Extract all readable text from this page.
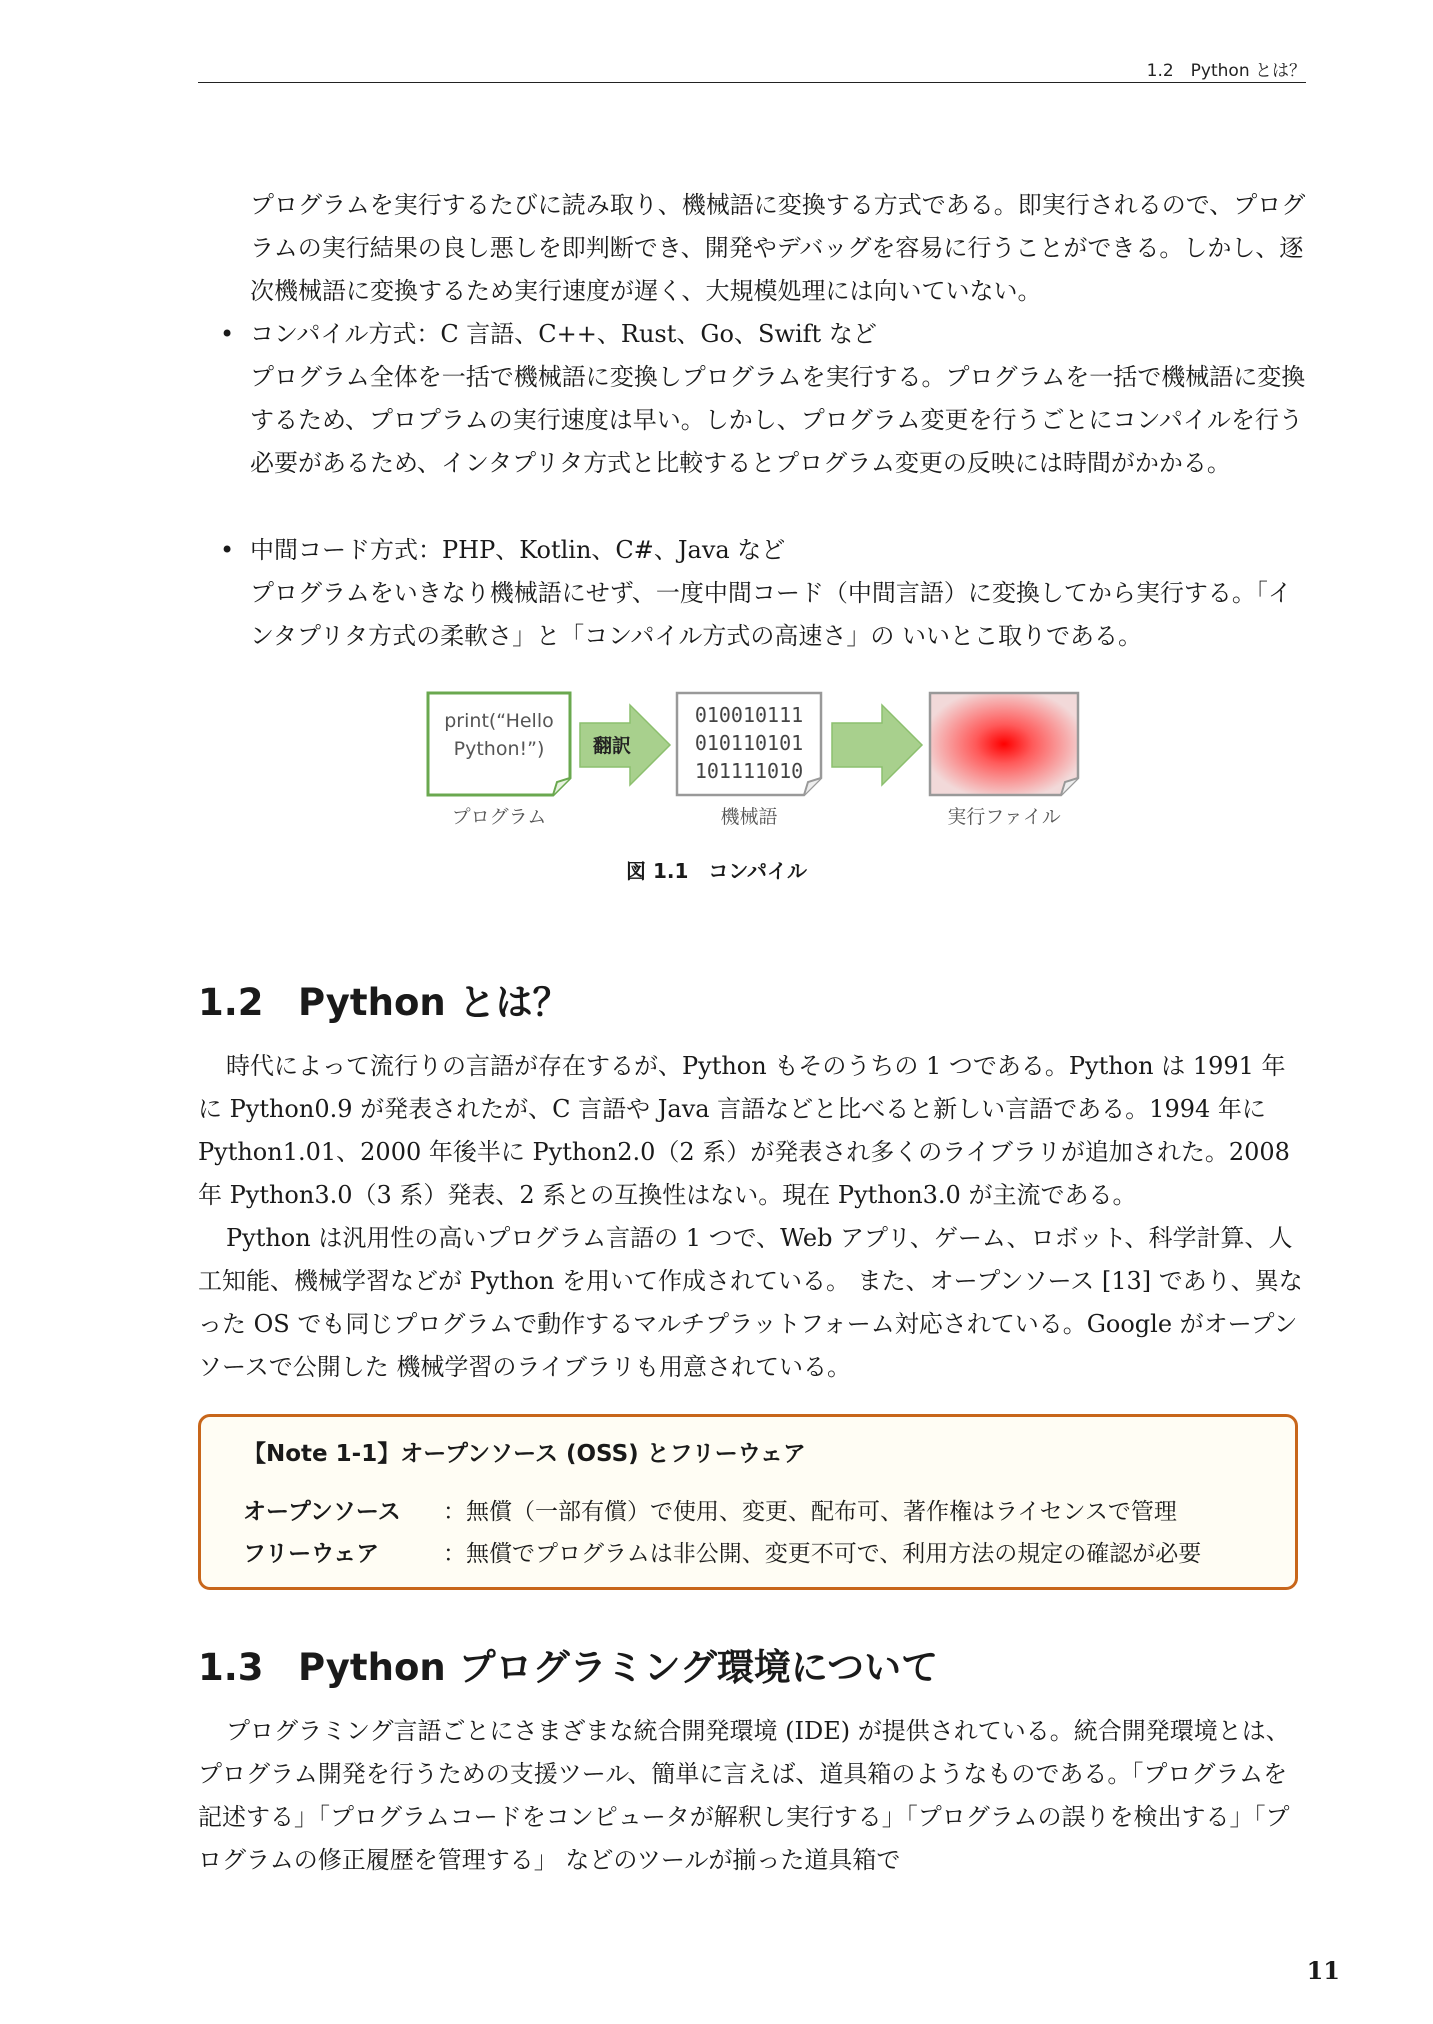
1.2　Python とは？

プログラムを実行するたびに読み取り、機械語に変換する方式である。即実行されるので、プログラムの実行結果の良し悪しを即判断でき、開発やデバッグを容易に行うことができる。しかし、逐次機械語に変換するため実行速度が遅く、大規模処理には向いていない。

• コンパイル方式：C 言語、C++、Rust、Go、Swift など

プログラム全体を一括で機械語に変換しプログラムを実行する。プログラムを一括で機械語に変換するため、プロプラムの実行速度は早い。しかし、プログラム変更を行うごとにコンパイルを行う必要があるため、インタプリタ方式と比較するとプログラム変更の反映には時間がかかる。

• 中間コード方式：PHP、Kotlin、C#、Java など

プログラムをいきなり機械語にせず、一度中間コード（中間言語）に変換してから実行する。「インタプリタ方式の柔軟さ」と「コンパイル方式の高速さ」の いいとこ取りである。

print(“Hello
Python!”)	翻訳
010010111
010110101
101111010
プログラム	機械語	実行ファイル
図 1.1　コンパイル
1.2 Python とは？

時代によって流行りの言語が存在するが、Python もそのうちの 1 つである。Python は 1991 年に Python0.9 が発表されたが、C 言語や Java 言語などと比べると新しい言語である。1994 年に Python1.01、2000 年後半に Python2.0（2 系）が発表され多くのライブラリが追加された。2008 年 Python3.0（3 系）発表、2 系との互換性はない。現在 Python3.0 が主流である。

Python は汎用性の高いプログラム言語の 1 つで、Web アプリ、ゲーム、ロボット、科学計算、人工知能、機械学習などが Python を用いて作成されている。 また、オープンソース [13] であり、異なった OS でも同じプログラムで動作するマルチプラットフォーム対応されている。Google がオープンソースで公開した 機械学習のライブラリも用意されている。

【Note 1-1】オープンソース (OSS) とフリーウェア
オープンソース ：無償（一部有償）で使用、変更、配布可、著作権はライセンスで管理
フリーウェア	：無償でプログラムは非公開、変更不可で、利用方法の規定の確認が必要
1.3 Python プログラミング環境について

プログラミング言語ごとにさまざまな統合開発環境 (IDE) が提供されている。統合開発環境とは、プログラム開発を行うための支援ツール、簡単に言えば、道具箱のようなものである。「プログラムを記述する」「プログラムコードをコンピュータが解釈し実行する」「プログラムの誤りを検出する」「プログラムの修正履歴を管理する」 などのツールが揃った道具箱で

11
